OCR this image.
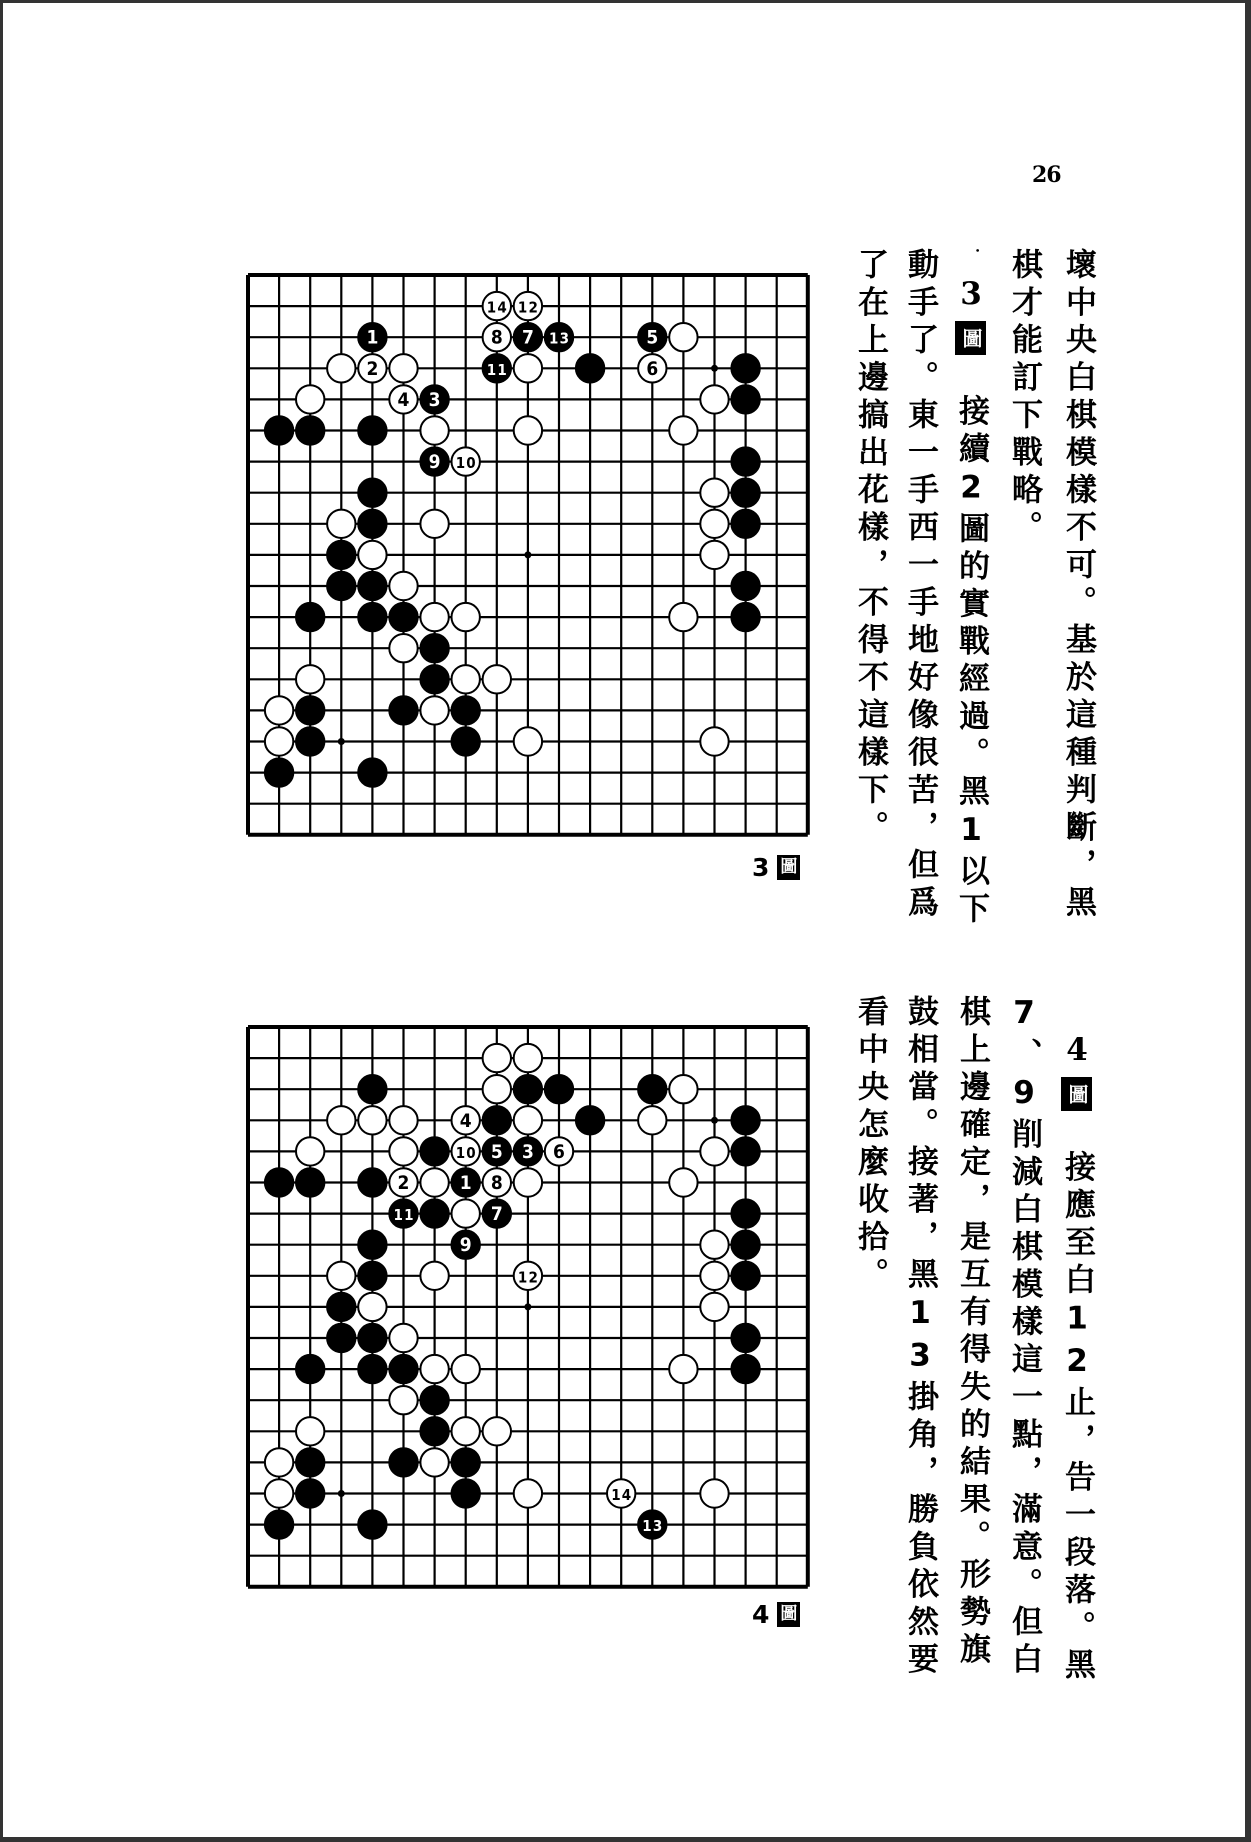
26
壞中央白棋模樣不可。基於這種判斷，黑
棋才能訂下戰略。
．3圖接續2圖的實戰經過。黑1以下
動手了。東一手西一手地好像很苦，但爲
了在上邊搞出花樣，不得不這樣下。
14 12
1	8 7 13	5
2	11	6
4 3
9 10
3 圖
4圖接應至白12止，告一段落。黑
7、9削減白棋模樣這一點，滿意。但白
棋上邊確定，是互有得失的結果。形勢旗
鼓相當。接著，黑13掛角，勝負依然要
看中央怎麼收拾。
4
10 5 3 6
2	1 8
11	7
9
12
14
13
4 圖
